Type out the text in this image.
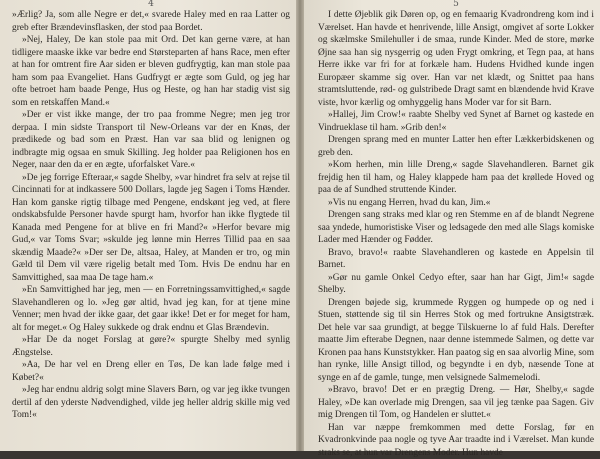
4

»Ærlig? Ja, som alle Negre er det,« svarede Haley med en raa Latter og greb efter Brændevinsflasken, der stod paa Bordet.

»Nej, Haley, De kan stole paa mit Ord. Det kan gerne være, at han tidligere maaske ikke var bedre end Størsteparten af hans Race, men efter at han for omtrent fire Aar siden er bleven gudfrygtig, kan man stole paa ham som paa Evangeliet. Hans Gudfrygt er ægte som Guld, og jeg har ofte betroet ham baade Penge, Hus og Heste, og han har stadig vist sig som en retskaffen Mand.«

»Der er vist ikke mange, der tro paa fromme Negre; men jeg tror derpaa. I min sidste Transport til New-Orleans var der en Knøs, der prædikede og bad som en Præst. Han var saa blid og lenignen og indbragte mig ogsaa en smuk Skilling. Jeg holder paa Religionen hos en Neger, naar den da er en ægte, uforfalsket Vare.«

»De jeg forrige Efteraar,« sagde Shelby, »var hindret fra selv at rejse til Cincinnati for at indkassere 500 Dollars, lagde jeg Sagen i Toms Hænder. Han kom ganske rigtig tilbage med Pengene, endskønt jeg ved, at flere ondskabsfulde Personer havde spurgt ham, hvorfor han ikke flygtede til Kanada med Pengene for at blive en fri Mand?« »Herfor bevare mig Gud,« var Toms Svar; »skulde jeg lønne min Herres Tillid paa en saa skændig Maade?« »Der ser De, altsaa, Haley, at Manden er tro, og min Gæld til Dem vil være rigelig betalt med Tom. Hvis De endnu har en Samvittighed, saa maa De tage ham.«

»En Samvittighed har jeg, men — en Forretningssamvittighed,« sagde Slavehandleren og lo. »Jeg gør altid, hvad jeg kan, for at tjene mine Venner; men hvad der ikke gaar, det gaar ikke! Det er for meget for ham, alt for meget.« Og Haley sukkede og drak endnu et Glas Brændevin.

»Har De da noget Forslag at gøre?« spurgte Shelby med synlig Ængstelse.

»Aa, De har vel en Dreng eller en Tøs, De kan lade følge med i Købet?«

»Jeg har endnu aldrig solgt mine Slavers Børn, og var jeg ikke tvungen dertil af den yderste Nødvendighed, vilde jeg heller aldrig skille mig ved Tom!«

5

I dette Øjeblik gik Døren op, og en femaarig Kvadrondreng kom ind i Værelset. Han havde et henrivende, lille Ansigt, omgivet af sorte Lokker og skælmske Smilehuller i de smaa, runde Kinder. Med de store, mørke Øjne saa han sig nysgerrig og uden Frygt omkring, et Tegn paa, at hans Herre ikke var fri for at forkæle ham. Hudens Hvidhed kunde ingen Europæer skamme sig over. Han var net klædt, og Snittet paa hans stramtsluttende, rød- og gulstribede Dragt samt en blændende hvid Krave viste, hvor kærlig og omhyggelig hans Moder var for sit Barn.

»Hallej, Jim Crow!« raabte Shelby ved Synet af Barnet og kastede en Vindrueklase til ham. »Grib den!«

Drengen sprang med en munter Latter hen efter Lækkerbidskenen og greb den.

»Kom herhen, min lille Dreng,« sagde Slavehandleren. Barnet gik frejdig hen til ham, og Haley klappede ham paa det krøllede Hoved og paa de af Sundhed struttende Kinder.

»Vis nu engang Herren, hvad du kan, Jim.«

Drengen sang straks med klar og ren Stemme en af de blandt Negrene saa yndede, humoristiske Viser og ledsagede den med alle Slags komiske Lader med Hænder og Fødder.

Bravo, bravo!« raabte Slavehandleren og kastede en Appelsin til Barnet.

»Gør nu gamle Onkel Cedyo efter, saar han har Gigt, Jim!« sagde Shelby.

Drengen bøjede sig, krummede Ryggen og humpede op og ned i Stuen, støttende sig til sin Herres Stok og med fortrukne Ansigtstræk. Det hele var saa grundigt, at begge Tilskuerne lo af fuld Hals. Derefter maatte Jim efterabe Degnen, naar denne istemmede Salmen, og dette var Kronen paa hans Kunststykker. Han paatog sig en saa alvorlig Mine, som han rynke, lille Ansigt tillod, og begyndte i en dyb, næsende Tone at synge en af de gamle, tunge, men velsignede Salmemelodi.

»Bravo, bravo! Det er en prægtig Dreng. — Hør, Shelby,« sagde Haley, »De kan overlade mig Drengen, saa vil jeg tænke paa Sagen. Giv mig Drengen til Tom, og Handelen er sluttet.«

Han var næppe fremkommen med dette Forslag, før en Kvadronkvinde paa nogle og tyve Aar traadte ind i Værelset. Man kunde straks se, at hun var Drengens Moder. Hun havde
